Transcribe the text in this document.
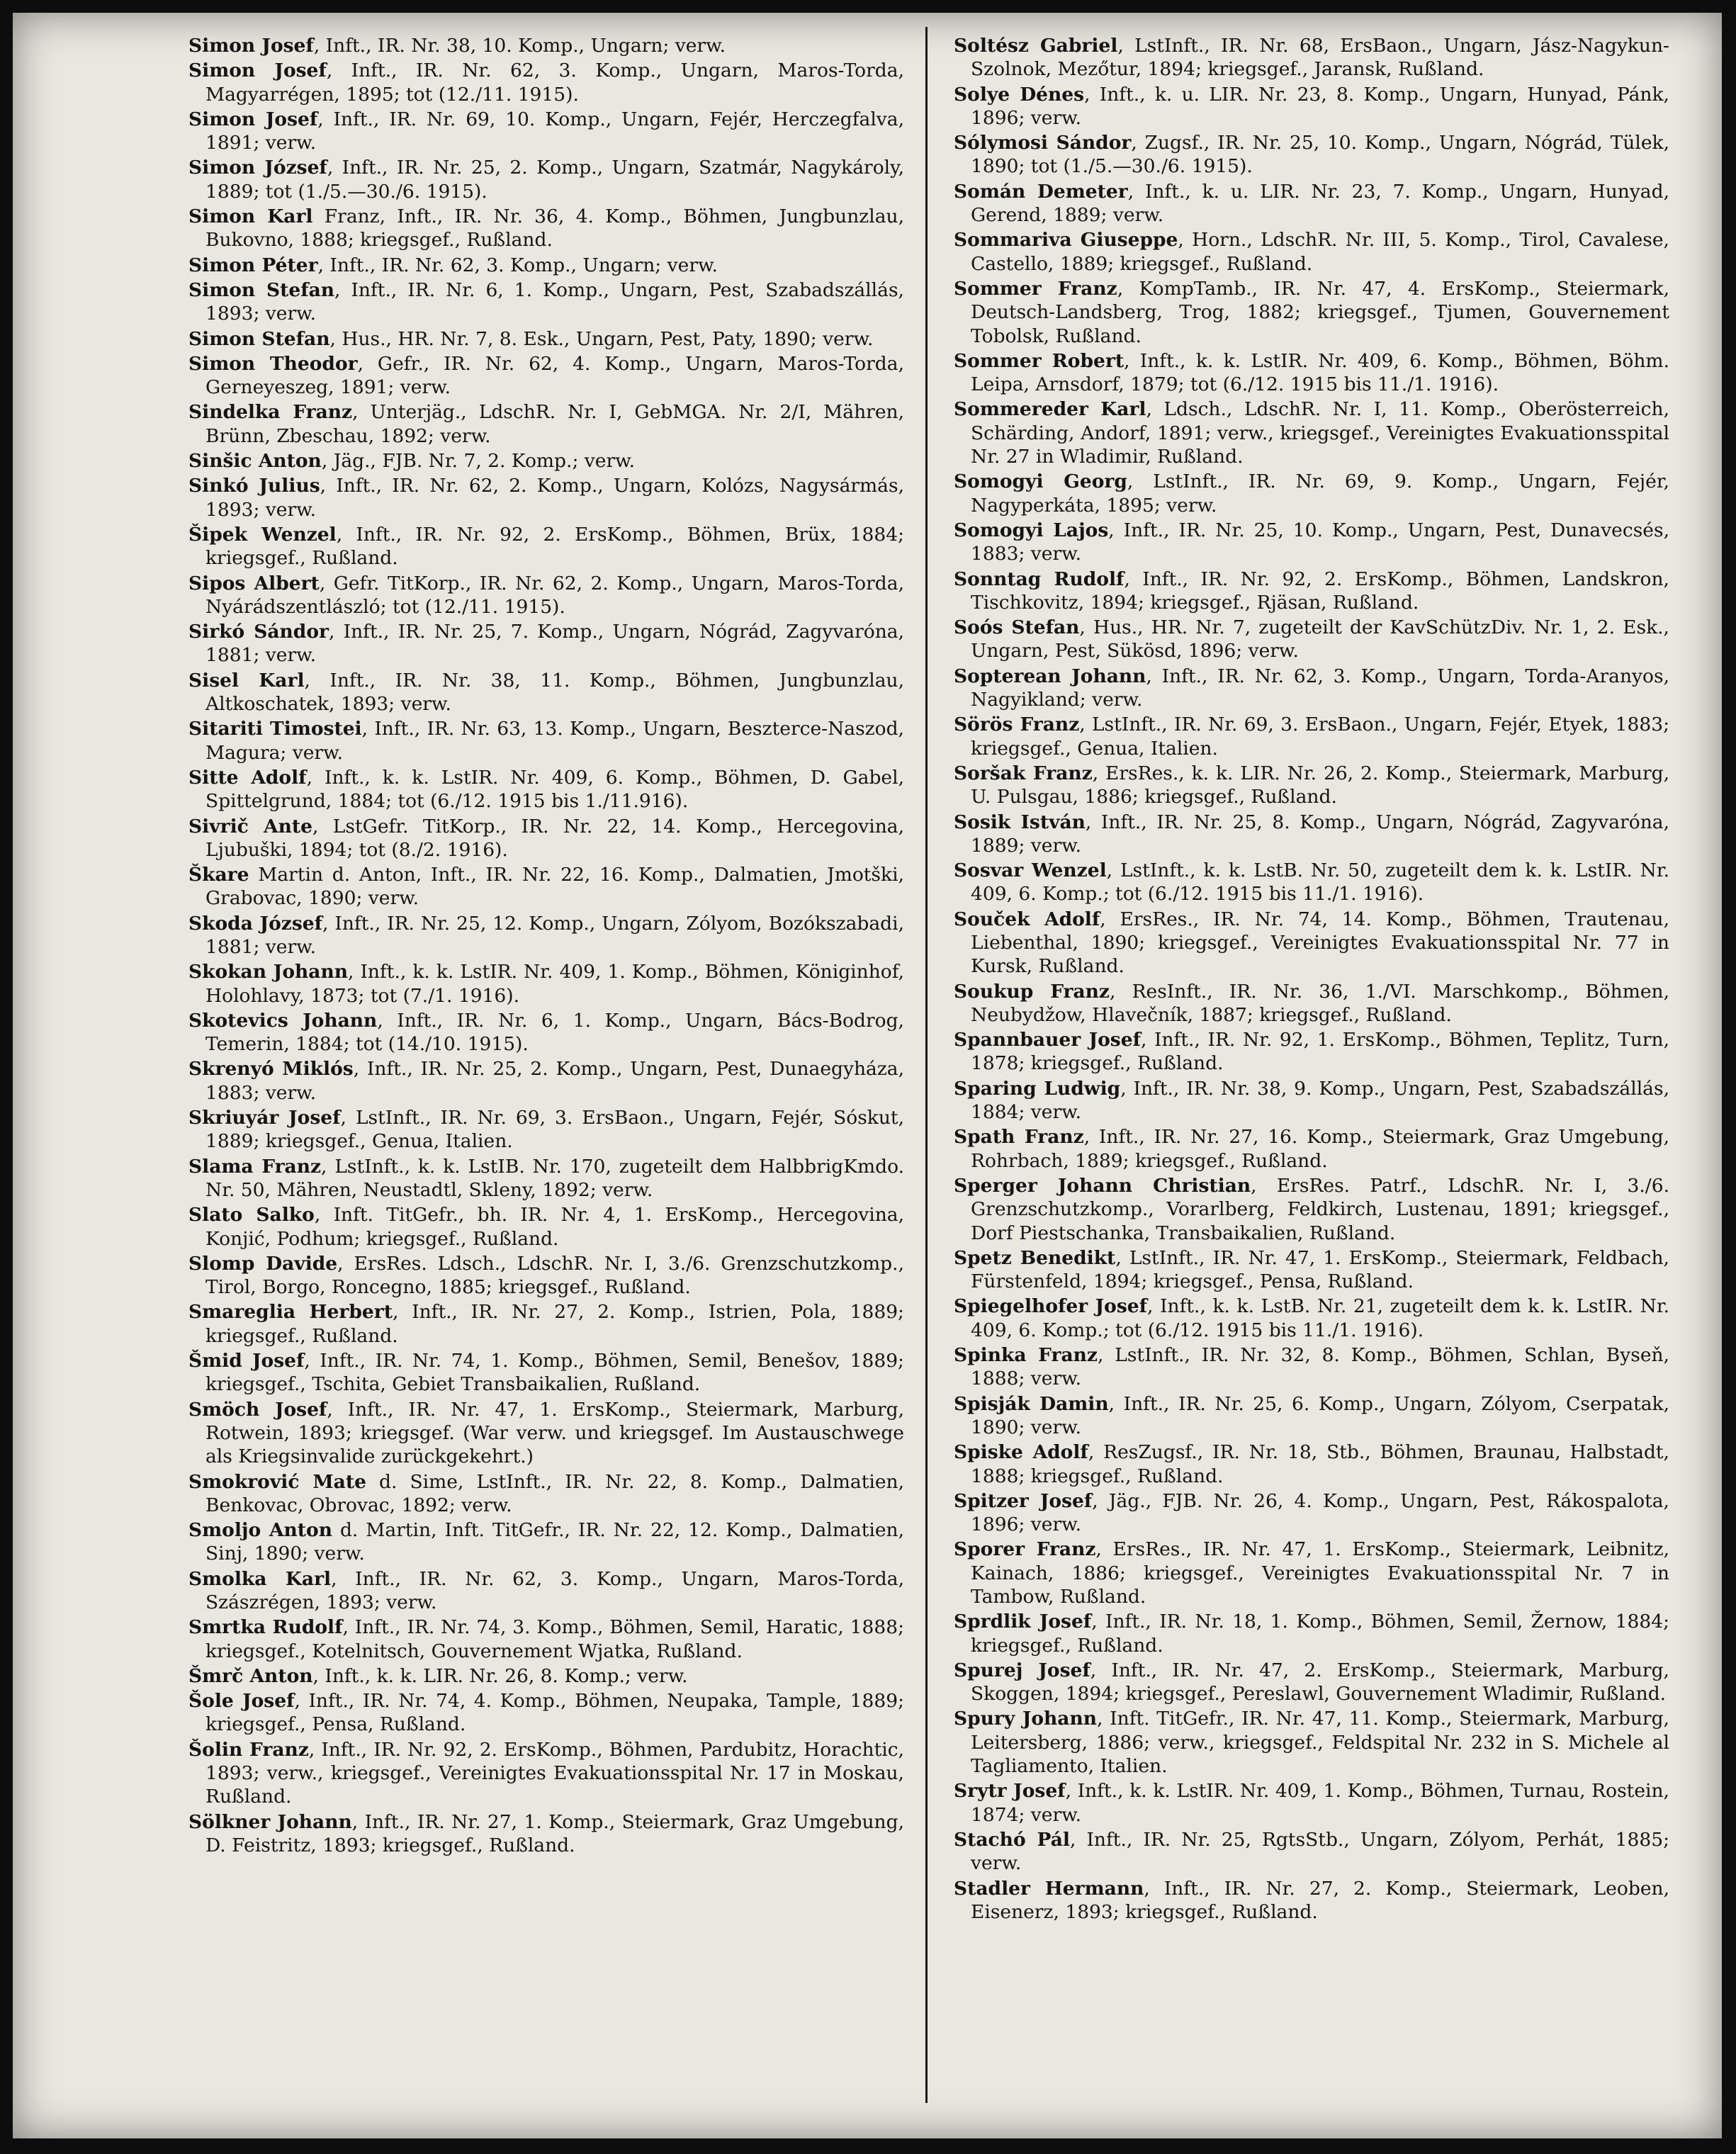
Simon Josef, Inft., IR. Nr. 38, 10. Komp., Ungarn; verw.

Simon Josef, Inft., IR. Nr. 62, 3. Komp., Ungarn, Maros-Torda, Magyarrégen, 1895; tot (12./11. 1915).

Simon Josef, Inft., IR. Nr. 69, 10. Komp., Ungarn, Fejér, Herczegfalva, 1891; verw.

Simon József, Inft., IR. Nr. 25, 2. Komp., Ungarn, Szatmár, Nagykároly, 1889; tot (1./5.—30./6. 1915).

Simon Karl Franz, Inft., IR. Nr. 36, 4. Komp., Böhmen, Jungbunzlau, Bukovno, 1888; kriegsgef., Rußland.

Simon Péter, Inft., IR. Nr. 62, 3. Komp., Ungarn; verw.

Simon Stefan, Inft., IR. Nr. 6, 1. Komp., Ungarn, Pest, Szabadszállás, 1893; verw.

Simon Stefan, Hus., HR. Nr. 7, 8. Esk., Ungarn, Pest, Paty, 1890; verw.

Simon Theodor, Gefr., IR. Nr. 62, 4. Komp., Ungarn, Maros-Torda, Gerneyeszeg, 1891; verw.

Sindelka Franz, Unterjäg., LdschR. Nr. I, GebMGA. Nr. 2/I, Mähren, Brünn, Zbeschau, 1892; verw.

Sinšic Anton, Jäg., FJB. Nr. 7, 2. Komp.; verw.

Sinkó Julius, Inft., IR. Nr. 62, 2. Komp., Ungarn, Kolózs, Nagysármás, 1893; verw.

Šipek Wenzel, Inft., IR. Nr. 92, 2. ErsKomp., Böhmen, Brüx, 1884; kriegsgef., Rußland.

Sipos Albert, Gefr. TitKorp., IR. Nr. 62, 2. Komp., Ungarn, Maros-Torda, Nyárádszentlászló; tot (12./11. 1915).

Sirkó Sándor, Inft., IR. Nr. 25, 7. Komp., Ungarn, Nógrád, Zagyvaróna, 1881; verw.

Sisel Karl, Inft., IR. Nr. 38, 11. Komp., Böhmen, Jungbunzlau, Altkoschatek, 1893; verw.

Sitariti Timostei, Inft., IR. Nr. 63, 13. Komp., Ungarn, Beszterce-Naszod, Magura; verw.

Sitte Adolf, Inft., k. k. LstIR. Nr. 409, 6. Komp., Böhmen, D. Gabel, Spittelgrund, 1884; tot (6./12. 1915 bis 1./11.916).

Sivrič Ante, LstGefr. TitKorp., IR. Nr. 22, 14. Komp., Hercegovina, Ljubuški, 1894; tot (8./2. 1916).

Škare Martin d. Anton, Inft., IR. Nr. 22, 16. Komp., Dalmatien, Jmotški, Grabovac, 1890; verw.

Skoda József, Inft., IR. Nr. 25, 12. Komp., Ungarn, Zólyom, Bozókszabadi, 1881; verw.

Skokan Johann, Inft., k. k. LstIR. Nr. 409, 1. Komp., Böhmen, Königinhof, Holohlavy, 1873; tot (7./1. 1916).

Skotevics Johann, Inft., IR. Nr. 6, 1. Komp., Ungarn, Bács-Bodrog, Temerin, 1884; tot (14./10. 1915).

Skrenyó Miklós, Inft., IR. Nr. 25, 2. Komp., Ungarn, Pest, Dunaegyháza, 1883; verw.

Skriuyár Josef, LstInft., IR. Nr. 69, 3. ErsBaon., Ungarn, Fejér, Sóskut, 1889; kriegsgef., Genua, Italien.

Slama Franz, LstInft., k. k. LstIB. Nr. 170, zugeteilt dem HalbbrigKmdo. Nr. 50, Mähren, Neustadtl, Skleny, 1892; verw.

Slato Salko, Inft. TitGefr., bh. IR. Nr. 4, 1. ErsKomp., Hercegovina, Konjić, Podhum; kriegsgef., Rußland.

Slomp Davide, ErsRes. Ldsch., LdschR. Nr. I, 3./6. Grenzschutzkomp., Tirol, Borgo, Roncegno, 1885; kriegsgef., Rußland.

Smareglia Herbert, Inft., IR. Nr. 27, 2. Komp., Istrien, Pola, 1889; kriegsgef., Rußland.

Šmid Josef, Inft., IR. Nr. 74, 1. Komp., Böhmen, Semil, Benešov, 1889; kriegsgef., Tschita, Gebiet Transbaikalien, Rußland.

Smöch Josef, Inft., IR. Nr. 47, 1. ErsKomp., Steiermark, Marburg, Rotwein, 1893; kriegsgef. (War verw. und kriegsgef. Im Austauschwege als Kriegsinvalide zurückgekehrt.)

Smokrović Mate d. Sime, LstInft., IR. Nr. 22, 8. Komp., Dalmatien, Benkovac, Obrovac, 1892; verw.

Smoljo Anton d. Martin, Inft. TitGefr., IR. Nr. 22, 12. Komp., Dalmatien, Sinj, 1890; verw.

Smolka Karl, Inft., IR. Nr. 62, 3. Komp., Ungarn, Maros-Torda, Szászrégen, 1893; verw.

Smrtka Rudolf, Inft., IR. Nr. 74, 3. Komp., Böhmen, Semil, Haratic, 1888; kriegsgef., Kotelnitsch, Gouvernement Wjatka, Rußland.

Šmrč Anton, Inft., k. k. LIR. Nr. 26, 8. Komp.; verw.

Šole Josef, Inft., IR. Nr. 74, 4. Komp., Böhmen, Neupaka, Tample, 1889; kriegsgef., Pensa, Rußland.

Šolin Franz, Inft., IR. Nr. 92, 2. ErsKomp., Böhmen, Pardubitz, Horachtic, 1893; verw., kriegsgef., Vereinigtes Evakuationsspital Nr. 17 in Moskau, Rußland.

Sölkner Johann, Inft., IR. Nr. 27, 1. Komp., Steiermark, Graz Umgebung, D. Feistritz, 1893; kriegsgef., Rußland.

Soltész Gabriel, LstInft., IR. Nr. 68, ErsBaon., Ungarn, Jász-Nagykun-Szolnok, Mezőtur, 1894; kriegsgef., Jaransk, Rußland.

Solye Dénes, Inft., k. u. LIR. Nr. 23, 8. Komp., Ungarn, Hunyad, Pánk, 1896; verw.

Sólymosi Sándor, Zugsf., IR. Nr. 25, 10. Komp., Ungarn, Nógrád, Tülek, 1890; tot (1./5.—30./6. 1915).

Somán Demeter, Inft., k. u. LIR. Nr. 23, 7. Komp., Ungarn, Hunyad, Gerend, 1889; verw.

Sommariva Giuseppe, Horn., LdschR. Nr. III, 5. Komp., Tirol, Cavalese, Castello, 1889; kriegsgef., Rußland.

Sommer Franz, KompTamb., IR. Nr. 47, 4. ErsKomp., Steiermark, Deutsch-Landsberg, Trog, 1882; kriegsgef., Tjumen, Gouvernement Tobolsk, Rußland.

Sommer Robert, Inft., k. k. LstIR. Nr. 409, 6. Komp., Böhmen, Böhm. Leipa, Arnsdorf, 1879; tot (6./12. 1915 bis 11./1. 1916).

Sommereder Karl, Ldsch., LdschR. Nr. I, 11. Komp., Oberösterreich, Schärding, Andorf, 1891; verw., kriegsgef., Vereinigtes Evakuationsspital Nr. 27 in Wladimir, Rußland.

Somogyi Georg, LstInft., IR. Nr. 69, 9. Komp., Ungarn, Fejér, Nagyperkáta, 1895; verw.

Somogyi Lajos, Inft., IR. Nr. 25, 10. Komp., Ungarn, Pest, Dunavecsés, 1883; verw.

Sonntag Rudolf, Inft., IR. Nr. 92, 2. ErsKomp., Böhmen, Landskron, Tischkovitz, 1894; kriegsgef., Rjäsan, Rußland.

Soós Stefan, Hus., HR. Nr. 7, zugeteilt der KavSchützDiv. Nr. 1, 2. Esk., Ungarn, Pest, Sükösd, 1896; verw.

Sopterean Johann, Inft., IR. Nr. 62, 3. Komp., Ungarn, Torda-Aranyos, Nagyikland; verw.

Sörös Franz, LstInft., IR. Nr. 69, 3. ErsBaon., Ungarn, Fejér, Etyek, 1883; kriegsgef., Genua, Italien.

Soršak Franz, ErsRes., k. k. LIR. Nr. 26, 2. Komp., Steiermark, Marburg, U. Pulsgau, 1886; kriegsgef., Rußland.

Sosik István, Inft., IR. Nr. 25, 8. Komp., Ungarn, Nógrád, Zagyvaróna, 1889; verw.

Sosvar Wenzel, LstInft., k. k. LstB. Nr. 50, zugeteilt dem k. k. LstIR. Nr. 409, 6. Komp.; tot (6./12. 1915 bis 11./1. 1916).

Souček Adolf, ErsRes., IR. Nr. 74, 14. Komp., Böhmen, Trautenau, Liebenthal, 1890; kriegsgef., Vereinigtes Evakuationsspital Nr. 77 in Kursk, Rußland.

Soukup Franz, ResInft., IR. Nr. 36, 1./VI. Marschkomp., Böhmen, Neubydžow, Hlavečník, 1887; kriegsgef., Rußland.

Spannbauer Josef, Inft., IR. Nr. 92, 1. ErsKomp., Böhmen, Teplitz, Turn, 1878; kriegsgef., Rußland.

Sparing Ludwig, Inft., IR. Nr. 38, 9. Komp., Ungarn, Pest, Szabadszállás, 1884; verw.

Spath Franz, Inft., IR. Nr. 27, 16. Komp., Steiermark, Graz Umgebung, Rohrbach, 1889; kriegsgef., Rußland.

Sperger Johann Christian, ErsRes. Patrf., LdschR. Nr. I, 3./6. Grenzschutzkomp., Vorarlberg, Feldkirch, Lustenau, 1891; kriegsgef., Dorf Piestschanka, Transbaikalien, Rußland.

Spetz Benedikt, LstInft., IR. Nr. 47, 1. ErsKomp., Steiermark, Feldbach, Fürstenfeld, 1894; kriegsgef., Pensa, Rußland.

Spiegelhofer Josef, Inft., k. k. LstB. Nr. 21, zugeteilt dem k. k. LstIR. Nr. 409, 6. Komp.; tot (6./12. 1915 bis 11./1. 1916).

Spinka Franz, LstInft., IR. Nr. 32, 8. Komp., Böhmen, Schlan, Byseň, 1888; verw.

Spisják Damin, Inft., IR. Nr. 25, 6. Komp., Ungarn, Zólyom, Cserpatak, 1890; verw.

Spiske Adolf, ResZugsf., IR. Nr. 18, Stb., Böhmen, Braunau, Halbstadt, 1888; kriegsgef., Rußland.

Spitzer Josef, Jäg., FJB. Nr. 26, 4. Komp., Ungarn, Pest, Rákospalota, 1896; verw.

Sporer Franz, ErsRes., IR. Nr. 47, 1. ErsKomp., Steiermark, Leibnitz, Kainach, 1886; kriegsgef., Vereinigtes Evakuationsspital Nr. 7 in Tambow, Rußland.

Sprdlik Josef, Inft., IR. Nr. 18, 1. Komp., Böhmen, Semil, Žernow, 1884; kriegsgef., Rußland.

Spurej Josef, Inft., IR. Nr. 47, 2. ErsKomp., Steiermark, Marburg, Skoggen, 1894; kriegsgef., Pereslawl, Gouvernement Wladimir, Rußland.

Spury Johann, Inft. TitGefr., IR. Nr. 47, 11. Komp., Steiermark, Marburg, Leitersberg, 1886; verw., kriegsgef., Feldspital Nr. 232 in S. Michele al Tagliamento, Italien.

Srytr Josef, Inft., k. k. LstIR. Nr. 409, 1. Komp., Böhmen, Turnau, Rostein, 1874; verw.

Stachó Pál, Inft., IR. Nr. 25, RgtsStb., Ungarn, Zólyom, Perhát, 1885; verw.

Stadler Hermann, Inft., IR. Nr. 27, 2. Komp., Steiermark, Leoben, Eisenerz, 1893; kriegsgef., Rußland.
